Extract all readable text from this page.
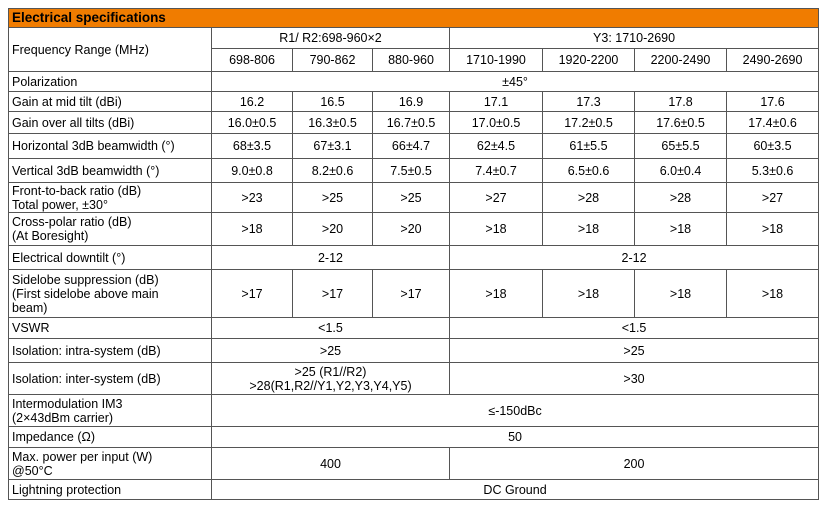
Electrical specifications							
Frequency Range (MHz)	R1/ R2:698-960×2			Y3: 1710-2690			
	698-806	790-862	880-960	1710-1990	1920-2200	2200-2490	2490-2690
Polarization	±45°						
Gain at mid tilt (dBi)	16.2	16.5	16.9	17.1	17.3	17.8	17.6
Gain over all tilts (dBi)	16.0±0.5	16.3±0.5	16.7±0.5	17.0±0.5	17.2±0.5	17.6±0.5	17.4±0.6
Horizontal 3dB beamwidth (°)	68±3.5	67±3.1	66±4.7	62±4.5	61±5.5	65±5.5	60±3.5
Vertical 3dB beamwidth (°)	9.0±0.8	8.2±0.6	7.5±0.5	7.4±0.7	6.5±0.6	6.0±0.4	5.3±0.6

Front-to-back ratio (dB)
Total power, ±30°	>23	>25	>25	>27	>28	>28	>27

Cross-polar ratio (dB)
(At Boresight)	>18	>20	>20	>18	>18	>18	>18
Electrical downtilt (°)	2-12			2-12			

Sidelobe suppression (dB)
(First sidelobe above main
beam)	>17	>17	>17	>18	>18	>18	>18
VSWR	<1.5			<1.5			
Isolation: intra-system (dB)	>25			>25			
Isolation: inter-system (dB)	>25 (R1//R2)
>28(R1,R2//Y1,Y2,Y3,Y4,Y5)			>30			

Intermodulation IM3
(2×43dBm carrier)	≤-150dBc						
Impedance (Ω)	50						

Max. power per input (W)
@50°C	400			200			
Lightning protection	DC Ground						
